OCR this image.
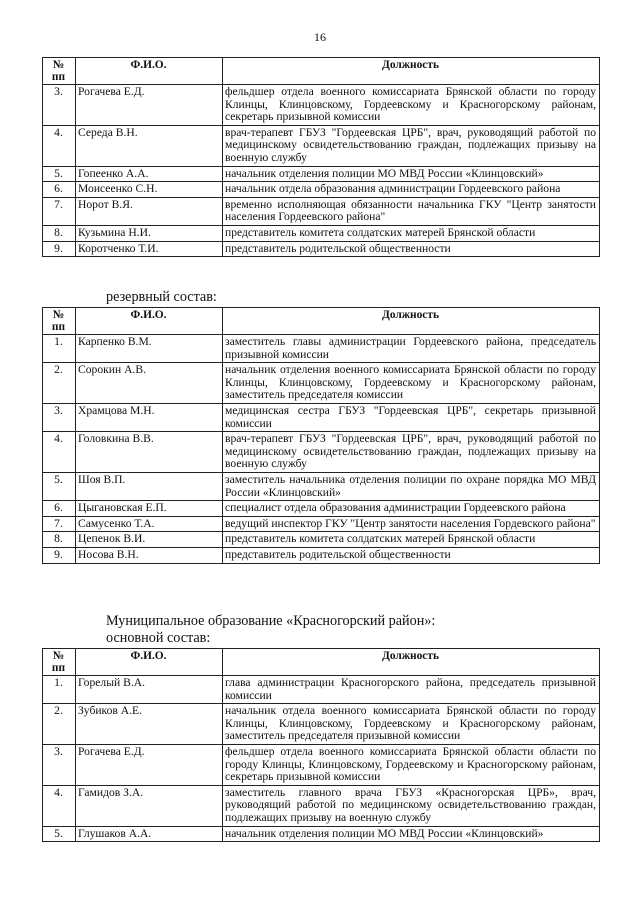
16
№ пп	Ф.И.О.	Должность
3.	Рогачева Е.Д.	фельдшер отдела военного комиссариата Брянской области по городу Клинцы, Клинцовскому, Гордеевскому и Красногорскому районам, секретарь призывной комиссии
4.	Середа В.Н.	врач-терапевт ГБУЗ "Гордеевская ЦРБ", врач, руководящий работой по медицинскому освидетельствованию граждан, подлежащих призыву на военную службу
5.	Гопеенко А.А.	начальник отделения полиции МО МВД России «Клинцовский»
6.	Моисеенко С.Н.	начальник отдела образования администрации Гордеевского района
7.	Норот В.Я.	временно исполняющая обязанности начальника ГКУ "Центр занятости населения Гордеевского района"
8.	Кузьмина Н.И.	представитель комитета солдатских матерей Брянской области
9.	Коротченко Т.И.	представитель родительской общественности
резервный состав:
№ пп	Ф.И.О.	Должность
1.	Карпенко В.М.	заместитель главы администрации Гордеевского района, председатель призывной комиссии
2.	Сорокин А.В.	начальник отделения военного комиссариата Брянской области по городу Клинцы, Клинцовскому, Гордеевскому и Красногорскому районам, заместитель председателя комиссии
3.	Храмцова М.Н.	медицинская сестра ГБУЗ "Гордеевская ЦРБ", секретарь призывной комиссии
4.	Головкина В.В.	врач-терапевт ГБУЗ "Гордеевская ЦРБ", врач, руководящий работой по медицинскому освидетельствованию граждан, подлежащих призыву на военную службу
5.	Шоя В.П.	заместитель начальника отделения полиции по охране порядка МО МВД России «Клинцовский»
6.	Цыгановская Е.П.	специалист отдела образования администрации Гордеевского района
7.	Самусенко Т.А.	ведущий инспектор ГКУ "Центр занятости населения Гордевского района"
8.	Цепенок В.И.	представитель комитета солдатских матерей Брянской области
9.	Носова В.Н.	представитель родительской общественности
Муниципальное образование «Красногорский район»:
основной состав:
№ пп	Ф.И.О.	Должность
1.	Горелый В.А.	глава администрации Красногорского района, председатель призывной комиссии
2.	Зубиков А.Е.	начальник отдела военного комиссариата Брянской области по городу Клинцы, Клинцовскому, Гордеевскому и Красногорскому районам, заместитель председателя призывной комиссии
3.	Рогачева Е.Д.	фельдшер отдела военного комиссариата Брянской области области по городу Клинцы, Клинцовскому, Гордеевскому и Красногорскому районам, секретарь призывной комиссии
4.	Гамидов З.А.	заместитель главного врача ГБУЗ «Красногорская ЦРБ», врач, руководящий работой по медицинскому освидетельствованию граждан, подлежащих призыву на военную службу
5.	Глушаков А.А.	начальник отделения полиции МО МВД России «Клинцовский»
